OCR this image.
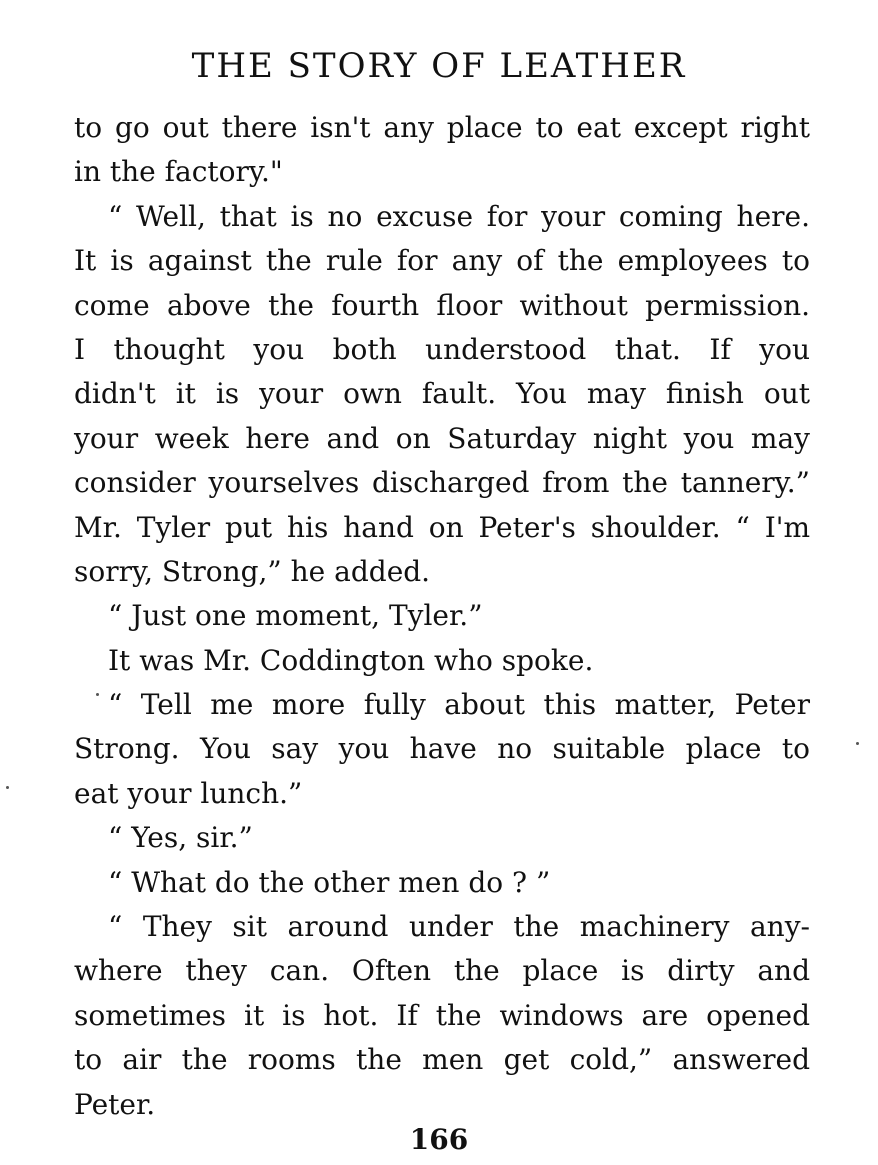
THE STORY OF LEATHER
to go out there isn't any place to eat except right
in the factory."
“ Well, that is no excuse for your coming here.
It is against the rule for any of the employees to
come above the fourth floor without permission.
I thought you both understood that. If you
didn't it is your own fault. You may finish out
your week here and on Saturday night you may
consider yourselves discharged from the tannery.”
Mr. Tyler put his hand on Peter's shoulder. “ I'm
sorry, Strong,” he added.
“ Just one moment, Tyler.”
It was Mr. Coddington who spoke.
“ Tell me more fully about this matter, Peter
Strong. You say you have no suitable place to
eat your lunch.”
“ Yes, sir.”
“ What do the other men do ? ”
“ They sit around under the machinery any-
where they can. Often the place is dirty and
sometimes it is hot. If the windows are opened
to air the rooms the men get cold,” answered
Peter.
166
